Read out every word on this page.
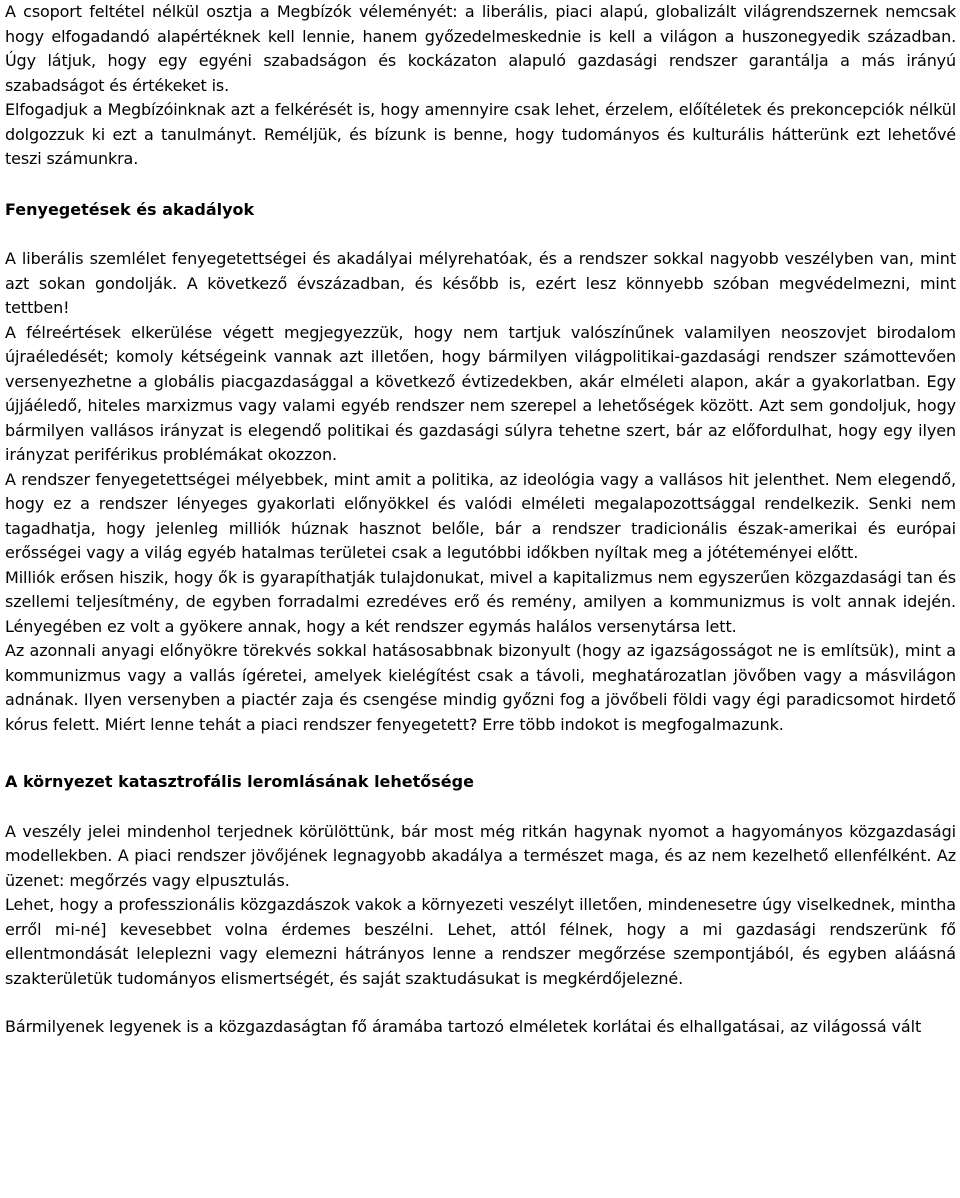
A csoport feltétel nélkül osztja a Megbízók véleményét: a liberális, piaci alapú, globalizált világrendszernek nemcsak hogy elfogadandó alapértéknek kell lennie, hanem győzedelmeskednie is kell a világon a huszonegyedik században. Úgy látjuk, hogy egy egyéni szabadságon és kockázaton alapuló gazdasági rendszer garantálja a más irányú szabadságot és értékeket is.

Elfogadjuk a Megbízóinknak azt a felkérését is, hogy amennyire csak lehet, érzelem, előítéletek és prekoncepciók nélkül dolgozzuk ki ezt a tanulmányt. Reméljük, és bízunk is benne, hogy tudományos és kulturális hátterünk ezt lehetővé teszi számunkra.

Fenyegetések és akadályok

A liberális szemlélet fenyegetettségei és akadályai mélyrehatóak, és a rendszer sokkal nagyobb veszélyben van, mint azt sokan gondolják. A következő évszázadban, és később is, ezért lesz könnyebb szóban megvédelmezni, mint tettben!

A félreértések elkerülése végett megjegyezzük, hogy nem tartjuk valószínűnek valamilyen neoszovjet birodalom újraéledését; komoly kétségeink vannak azt illetően, hogy bármilyen világpolitikai-gazdasági rendszer számottevően versenyezhetne a globális piacgazdasággal a következő évtizedekben, akár elméleti alapon, akár a gyakorlatban. Egy újjáéledő, hiteles marxizmus vagy valami egyéb rendszer nem szerepel a lehetőségek között. Azt sem gondoljuk, hogy bármilyen vallásos irányzat is elegendő politikai és gazdasági súlyra tehetne szert, bár az előfordulhat, hogy egy ilyen irányzat periférikus problémákat okozzon.

A rendszer fenyegetettségei mélyebbek, mint amit a politika, az ideológia vagy a vallásos hit jelenthet. Nem elegendő, hogy ez a rendszer lényeges gyakorlati előnyökkel és valódi elméleti megalapozottsággal rendelkezik. Senki nem tagadhatja, hogy jelenleg milliók húznak hasznot belőle, bár a rendszer tradicionális észak-amerikai és európai erősségei vagy a világ egyéb hatalmas területei csak a legutóbbi időkben nyíltak meg a jótéteményei előtt.

Milliók erősen hiszik, hogy ők is gyarapíthatják tulajdonukat, mivel a kapitalizmus nem egyszerűen közgazdasági tan és szellemi teljesítmény, de egyben forradalmi ezredéves erő és remény, amilyen a kommunizmus is volt annak idején. Lényegében ez volt a gyökere annak, hogy a két rendszer egymás halálos versenytársa lett.

Az azonnali anyagi előnyökre törekvés sokkal hatásosabbnak bizonyult (hogy az igazságosságot ne is említsük), mint a kommunizmus vagy a vallás ígéretei, amelyek kielégítést csak a távoli, meghatározatlan jövőben vagy a másvilágon adnának. Ilyen versenyben a piactér zaja és csengése mindig győzni fog a jövőbeli földi vagy égi paradicsomot hirdető kórus felett. Miért lenne tehát a piaci rendszer fenyegetett? Erre több indokot is megfogalmazunk.

A környezet katasztrofális leromlásának lehetősége

A veszély jelei mindenhol terjednek körülöttünk, bár most még ritkán hagynak nyomot a hagyományos közgazdasági modellekben. A piaci rendszer jövőjének legnagyobb akadálya a természet maga, és az nem kezelhető ellenfélként. Az üzenet: megőrzés vagy elpusztulás.

Lehet, hogy a professzionális közgazdászok vakok a környezeti veszélyt illetően, mindenesetre úgy viselkednek, mintha erről mi-né] kevesebbet volna érdemes beszélni. Lehet, attól félnek, hogy a mi gazdasági rendszerünk fő ellentmondását leleplezni vagy elemezni hátrányos lenne a rendszer megőrzése szempontjából, és egyben aláásná szakterületük tudományos elismertségét, és saját szaktudásukat is megkérdőjelezné.

Bármilyenek legyenek is a közgazdaságtan fő áramába tartozó elméletek korlátai és elhallgatásai, az világossá vált
